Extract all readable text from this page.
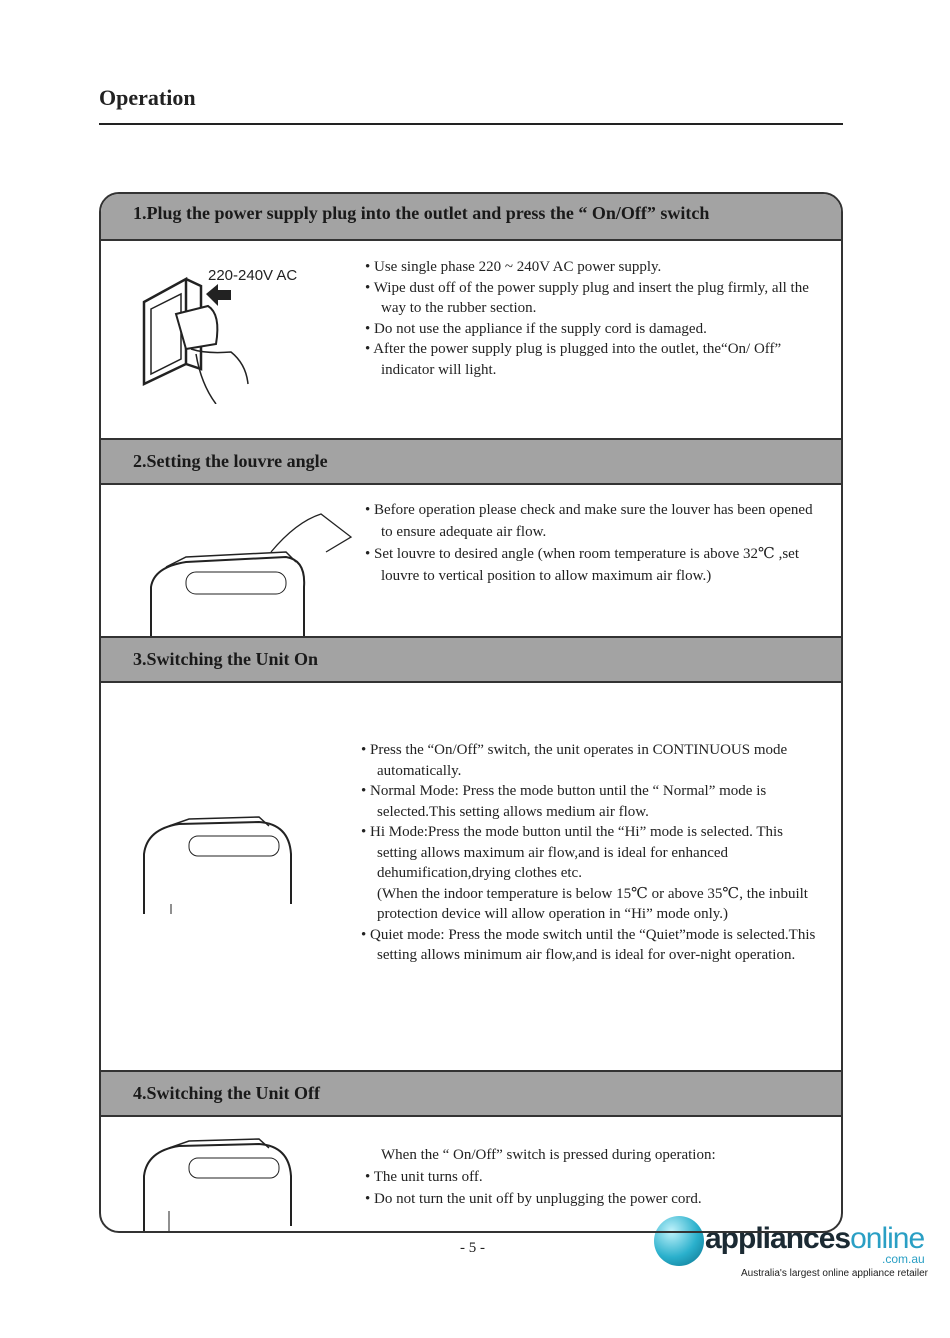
Operation
1.Plug the power supply plug into the outlet and press the “ On/Off” switch
220-240V AC	• Use single phase 220 ~ 240V AC power supply.
• Wipe dust off of the power supply plug and insert the plug firmly, all the way to the rubber section.
• Do not use the appliance if the supply cord is damaged.
• After the power supply plug is plugged into the outlet, the“On/ Off” indicator will light.
2.Setting the louvre angle
• Before operation please check and make sure the louver has been opened to ensure adequate air flow.
• Set louvre to desired angle (when room temperature is above 32℃ ,set louvre to vertical position to allow maximum air flow.)
3.Switching the Unit On
• Press the “On/Off” switch, the unit operates in CONTINUOUS mode automatically.
• Normal Mode: Press the mode button until the “ Normal” mode is selected.This setting allows medium air flow.
• Hi Mode:Press the mode button until the “Hi” mode is selected. This setting allows maximum air flow,and is ideal for enhanced dehumification,drying clothes etc.
(When the indoor temperature is below 15℃ or above 35℃, the inbuilt protection device will allow operation in “Hi” mode only.)
• Quiet mode: Press the mode switch until the “Quiet”mode is selected.This setting allows minimum air flow,and is ideal for over-night operation.
4.Switching the Unit Off
When the “ On/Off” switch is pressed during operation:
• The unit turns off.
• Do not turn the unit off by unplugging the power cord.
- 5 -	appliancesonline
.com.au
Australia's largest online appliance retailer
